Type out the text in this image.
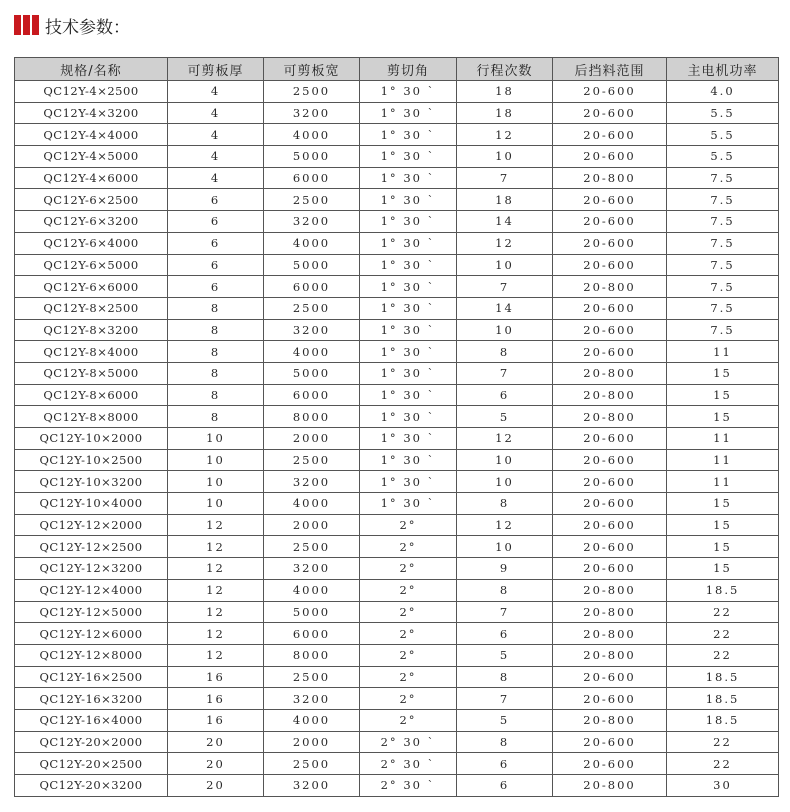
技术参数：
规格/名称	可剪板厚	可剪板宽	剪切角	行程次数	后挡料范围	主电机功率
QC12Y-4×2500	4	2500	1° 30 `	18	20-600	4.0
QC12Y-4×3200	4	3200	1° 30 `	18	20-600	5.5
QC12Y-4×4000	4	4000	1° 30 `	12	20-600	5.5
QC12Y-4×5000	4	5000	1° 30 `	10	20-600	5.5
QC12Y-4×6000	4	6000	1° 30 `	7	20-800	7.5
QC12Y-6×2500	6	2500	1° 30 `	18	20-600	7.5
QC12Y-6×3200	6	3200	1° 30 `	14	20-600	7.5
QC12Y-6×4000	6	4000	1° 30 `	12	20-600	7.5
QC12Y-6×5000	6	5000	1° 30 `	10	20-600	7.5
QC12Y-6×6000	6	6000	1° 30 `	7	20-800	7.5
QC12Y-8×2500	8	2500	1° 30 `	14	20-600	7.5
QC12Y-8×3200	8	3200	1° 30 `	10	20-600	7.5
QC12Y-8×4000	8	4000	1° 30 `	8	20-600	11
QC12Y-8×5000	8	5000	1° 30 `	7	20-800	15
QC12Y-8×6000	8	6000	1° 30 `	6	20-800	15
QC12Y-8×8000	8	8000	1° 30 `	5	20-800	15
QC12Y-10×2000	10	2000	1° 30 `	12	20-600	11
QC12Y-10×2500	10	2500	1° 30 `	10	20-600	11
QC12Y-10×3200	10	3200	1° 30 `	10	20-600	11
QC12Y-10×4000	10	4000	1° 30 `	8	20-600	15
QC12Y-12×2000	12	2000	2°	12	20-600	15
QC12Y-12×2500	12	2500	2°	10	20-600	15
QC12Y-12×3200	12	3200	2°	9	20-600	15
QC12Y-12×4000	12	4000	2°	8	20-800	18.5
QC12Y-12×5000	12	5000	2°	7	20-800	22
QC12Y-12×6000	12	6000	2°	6	20-800	22
QC12Y-12×8000	12	8000	2°	5	20-800	22
QC12Y-16×2500	16	2500	2°	8	20-600	18.5
QC12Y-16×3200	16	3200	2°	7	20-600	18.5
QC12Y-16×4000	16	4000	2°	5	20-800	18.5
QC12Y-20×2000	20	2000	2° 30 `	8	20-600	22
QC12Y-20×2500	20	2500	2° 30 `	6	20-600	22
QC12Y-20×3200	20	3200	2° 30 `	6	20-800	30
